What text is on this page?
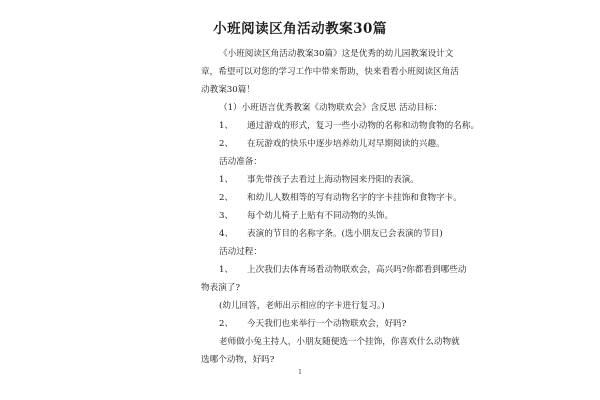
小班阅读区角活动教案30篇
《小班阅读区角活动教案30篇》这是优秀的幼儿园教案设计文
章，希望可以对您的学习工作中带来帮助，快来看看小班阅读区角活
动教案30篇！
（1）小班语言优秀教案《动物联欢会》含反思 活动目标：
1、 通过游戏的形式，复习一些小动物的名称和动物食物的名称。
2、 在玩游戏的快乐中逐步培养幼儿对早期阅读的兴趣。
活动准备：
1、 事先带孩子去看过上海动物园来丹阳的表演。
2、 和幼儿人数相等的写有动物名字的字卡挂饰和食物字卡。
3、 每个幼儿椅子上贴有不同动物的头饰。
4、 表演的节目的名称字条。(选小朋友已会表演的节目)
活动过程：
1、 上次我们去体育场看动物联欢会，高兴吗?你都看到哪些动
物表演了?
(幼儿回答，老师出示相应的字卡进行复习。)
2、 今天我们也来举行一个动物联欢会，好吗?
老师做小兔主持人，小朋友随便选一个挂饰，你喜欢什么动物就
选哪个动物，好吗?
1
